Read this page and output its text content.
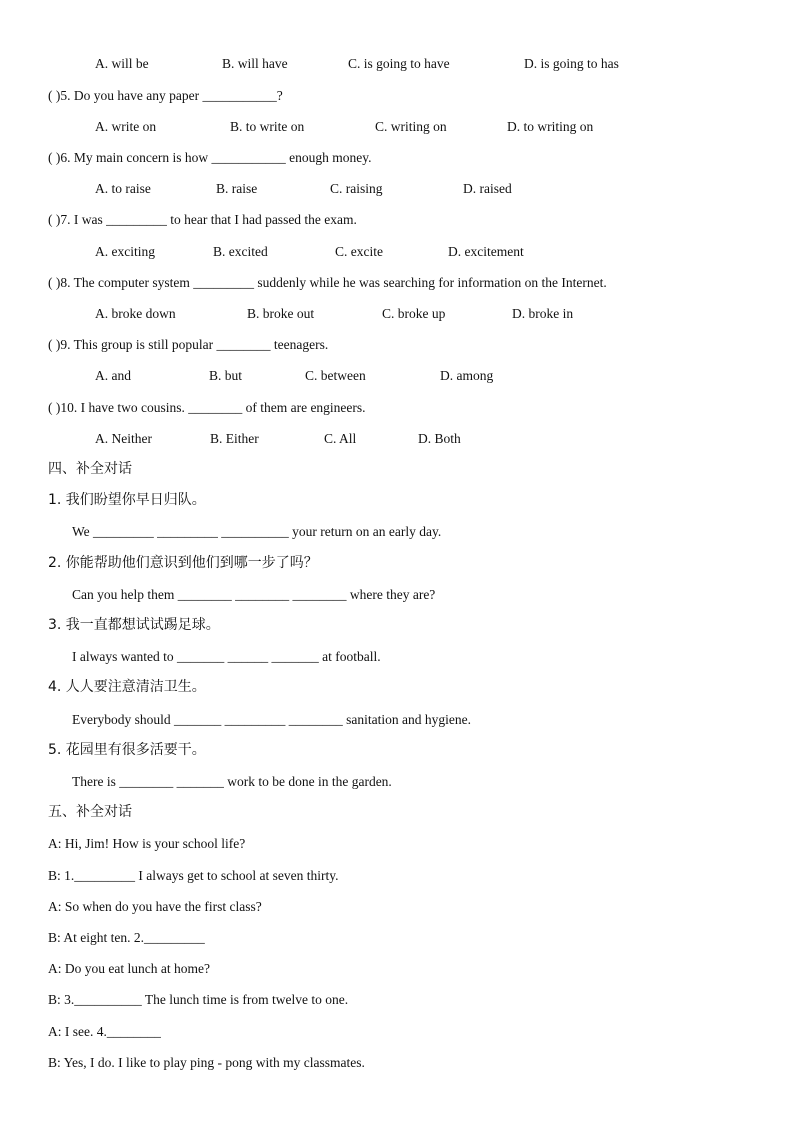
A. will be	B. will have	C. is going to have	D. is going to has
( )5. Do you have any paper ___________?
A. write on	B. to write on	C. writing on	D. to writing on
( )6. My main concern is how ___________ enough money.
A. to raise	B. raise	C. raising	D. raised
( )7. I was _________ to hear that I had passed the exam.
A. exciting	B. excited	C. excite	D. excitement
( )8. The computer system _________ suddenly while he was searching for information on the Internet.
A. broke down	B. broke out	C. broke up	D. broke in
( )9. This group is still popular ________ teenagers.
A. and	B. but	C. between	D. among
( )10. I have two cousins. ________ of them are engineers.
A. Neither	B. Either	C. All	D. Both
四、补全对话
1. 我们盼望你早日归队。
We _________ _________ __________ your return on an early day.
2. 你能帮助他们意识到他们到哪一步了吗？
Can you help them ________ ________ ________ where they are?
3. 我一直都想试试踢足球。
I always wanted to _______ ______ _______ at football.
4. 人人要注意清洁卫生。
Everybody should _______ _________ ________ sanitation and hygiene.
5. 花园里有很多活要干。
There is ________ _______ work to be done in the garden.
五、补全对话
A: Hi, Jim! How is your school life?
B: 1._________ I always get to school at seven thirty.
A: So when do you have the first class?
B: At eight ten. 2._________
A: Do you eat lunch at home?
B: 3.__________ The lunch time is from twelve to one.
A: I see. 4.________
B: Yes, I do. I like to play ping - pong with my classmates.
